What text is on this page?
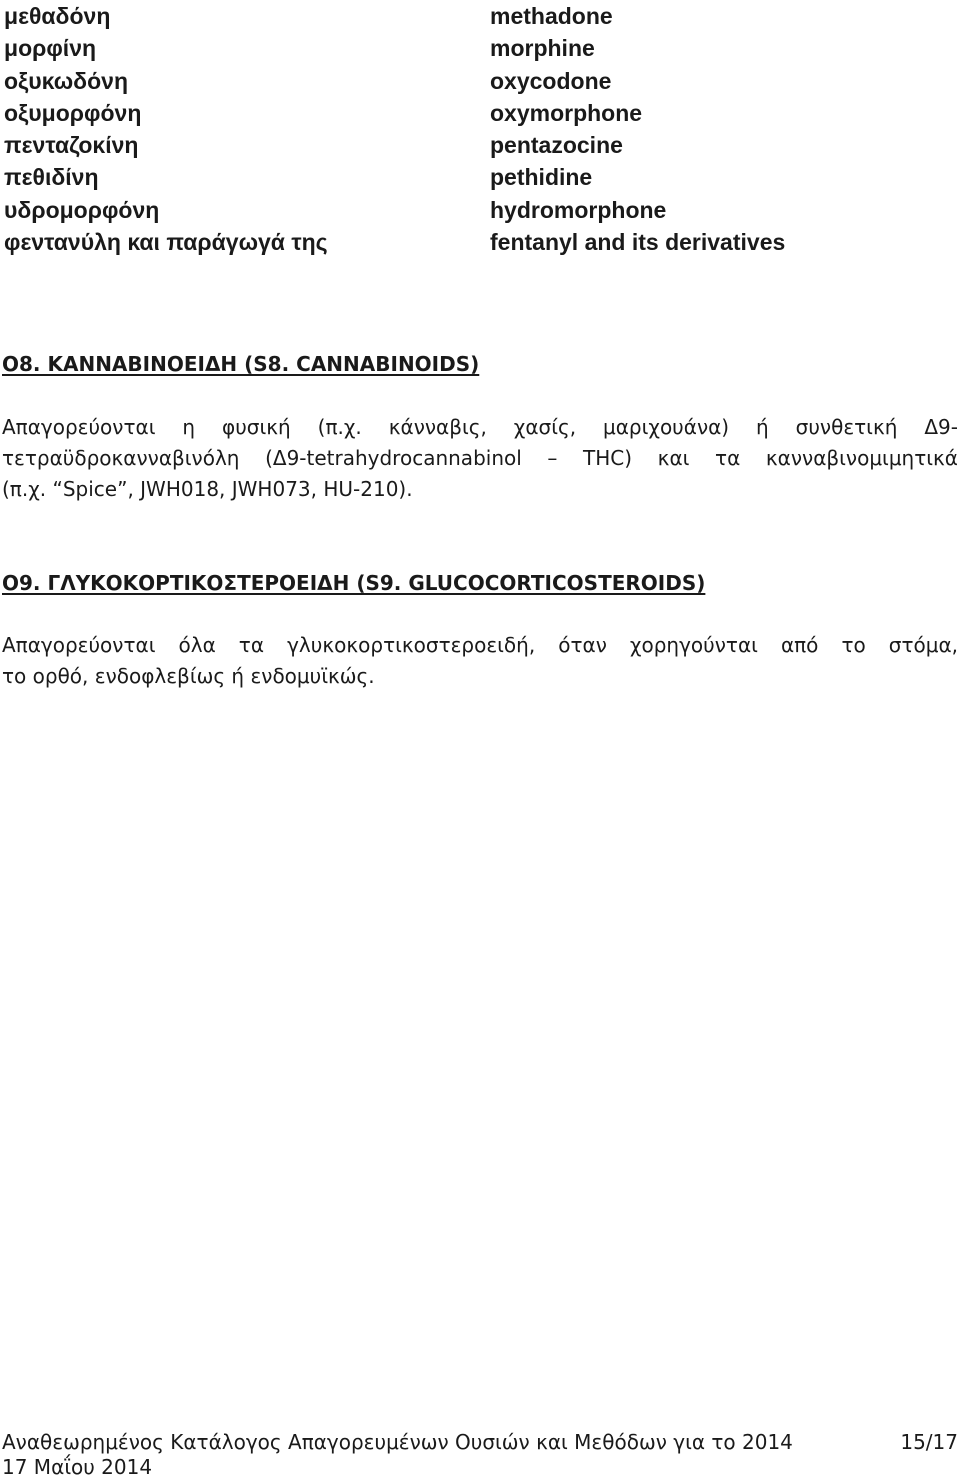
μεθαδόνη	methadone
μορφίνη	morphine
οξυκωδόνη	oxycodone
οξυμορφόνη	oxymorphone
πενταζοκίνη	pentazocine
πεθιδίνη	pethidine
υδρομορφόνη	hydromorphone
φεντανύλη και παράγωγά της	fentanyl and its derivatives
Ο8. ΚΑΝΝΑΒΙΝΟΕΙΔΗ (S8. CANNABINOIDS)

Απαγορεύονται η φυσική (π.χ. κάνναβις, χασίς, μαριχουάνα) ή συνθετική Δ9-
τετραϋδροκανναβινόλη (Δ9-tetrahydrocannabinol – THC) και τα κανναβινομιμητικά
(π.χ. “Spice”, JWH018, JWH073, HU-210).

Ο9. ΓΛΥΚΟΚΟΡΤΙΚΟΣΤΕΡΟΕΙΔΗ (S9. GLUCOCORTICOSTEROIDS)

Απαγορεύονται όλα τα γλυκοκορτικοστεροειδή, όταν χορηγούνται από το στόμα,
το ορθό, ενδοφλεβίως ή ενδομυϊκώς.

Αναθεωρημένος Κατάλογος Απαγορευμένων Ουσιών και Μεθόδων για το 2014	15/17
17 Μαΐου 2014
